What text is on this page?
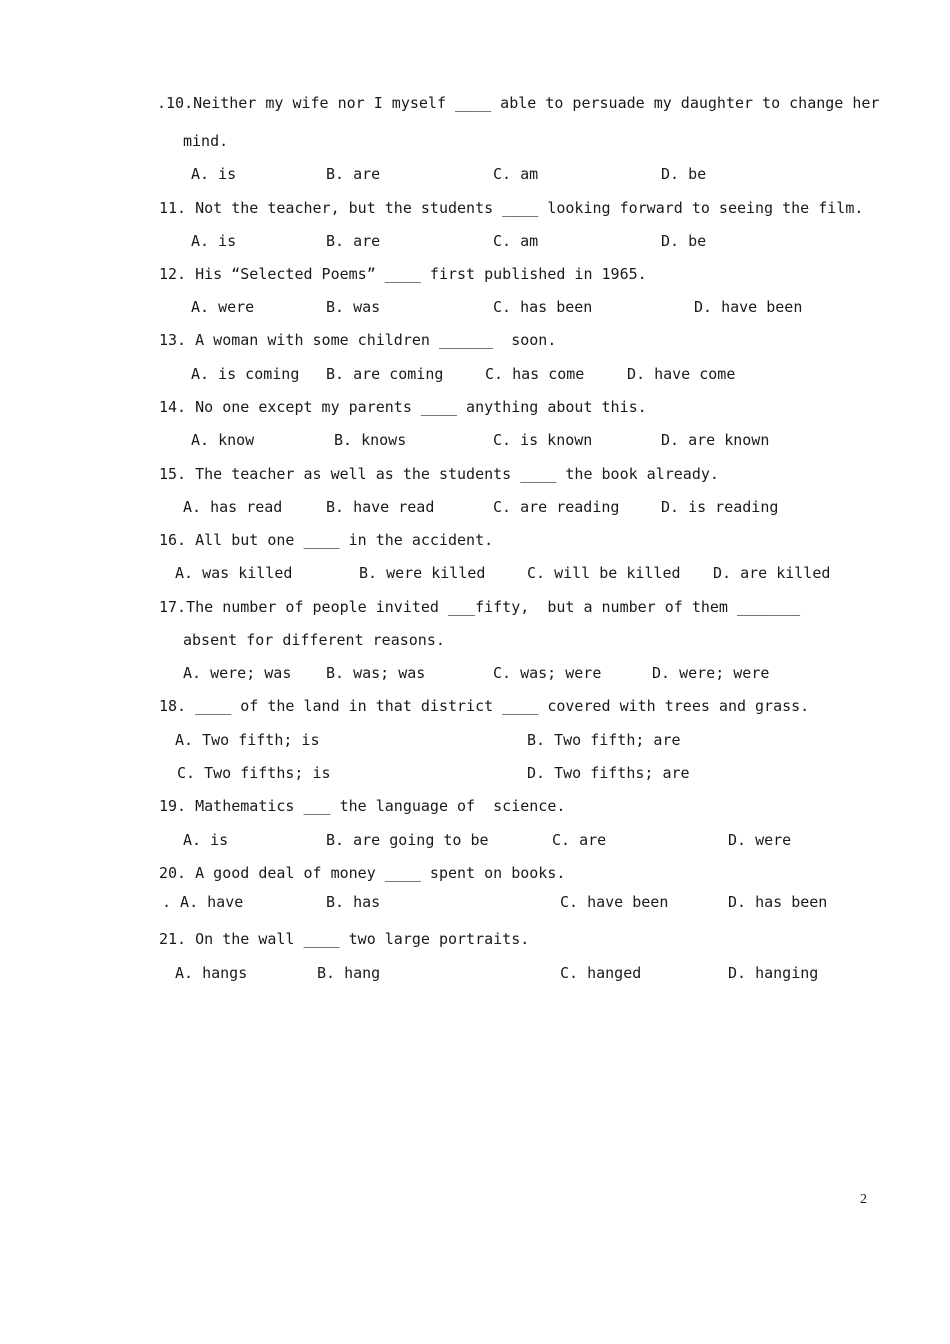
.10.Neither my wife nor I myself ____ able to persuade my daughter to change her
mind.
A. is	B. are	C. am	D. be
11. Not the teacher, but the students ____ looking forward to seeing the film.
A. is	B. are	C. am	D. be
12. His “Selected Poems” ____ first published in 1965.
A. were	B. was	C. has been	D. have been
13. A woman with some children ______  soon.
A. is coming B. are coming	C. has come	D. have come
14. No one except my parents ____ anything about this.
A. know	B. knows	C. is known	D. are known
15. The teacher as well as the students ____ the book already.
A. has read	B. have read	C. are reading	D. is reading
16. All but one ____ in the accident.
A. was killed	B. were killed	C. will be killed D. are killed
17.The number of people invited ___fifty,  but a number of them _______
absent for different reasons.
A. were; was B. was; was	C. was; were	D. were; were
18. ____ of the land in that district ____ covered with trees and grass.
A. Two fifth; is	B. Two fifth; are
C. Two fifths; is	D. Two fifths; are
19. Mathematics ___ the language of  science.
A. is	B. are going to be	C. are	D. were
20. A good deal of money ____ spent on books.
. A. have	B. has	C. have been	D. has been
21. On the wall ____ two large portraits.
A. hangs	B. hang	C. hanged	D. hanging
2
